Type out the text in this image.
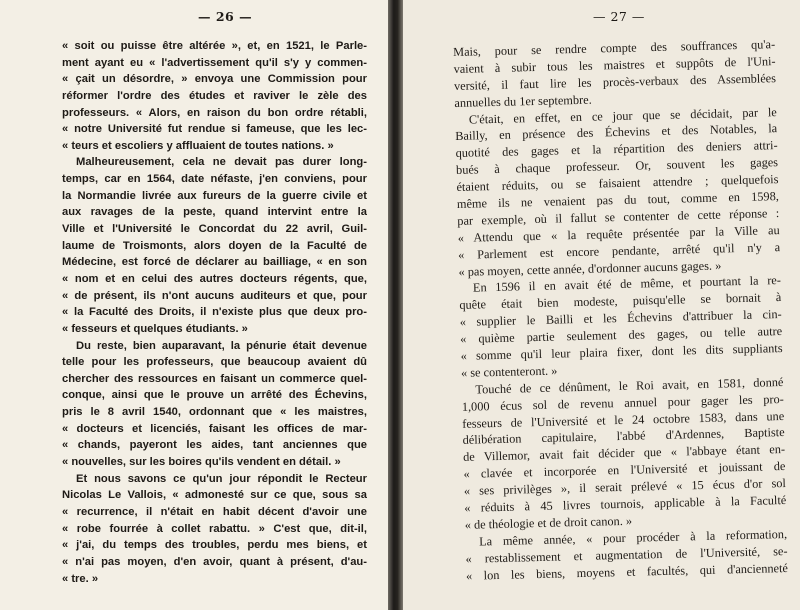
— 26 —
« soit ou puisse être altérée », et, en 1521, le Parle-
ment ayant eu « l'advertissement qu'il s'y y commen-
« çait un désordre, » envoya une Commission pour
réformer l'ordre des études et raviver le zèle des
professeurs. « Alors, en raison du bon ordre rétabli,
« notre Université fut rendue si fameuse, que les lec-
« teurs et escoliers y affluaient de toutes nations. »
Malheureusement, cela ne devait pas durer long-
temps, car en 1564, date néfaste, j'en conviens, pour
la Normandie livrée aux fureurs de la guerre civile et
aux ravages de la peste, quand intervint entre la
Ville et l'Université le Concordat du 22 avril, Guil-
laume de Troismonts, alors doyen de la Faculté de
Médecine, est forcé de déclarer au bailliage, « en son
« nom et en celui des autres docteurs régents, que,
« de présent, ils n'ont aucuns auditeurs et que, pour
« la Faculté des Droits, il n'existe plus que deux pro-
« fesseurs et quelques étudiants. »
Du reste, bien auparavant, la pénurie était devenue
telle pour les professeurs, que beaucoup avaient dû
chercher des ressources en faisant un commerce quel-
conque, ainsi que le prouve un arrêté des Échevins,
pris le 8 avril 1540, ordonnant que « les maistres,
« docteurs et licenciés, faisant les offices de mar-
« chands, payeront les aides, tant anciennes que
« nouvelles, sur les boires qu'ils vendent en détail. »
Et nous savons ce qu'un jour répondit le Recteur
Nicolas Le Vallois, « admonesté sur ce que, sous sa
« recurrence, il n'était en habit décent d'avoir une
« robe fourrée à collet rabattu. » C'est que, dit-il,
« j'ai, du temps des troubles, perdu mes biens, et
« n'ai pas moyen, d'en avoir, quant à présent, d'au-
« tre. »
— 27 —
Mais, pour se rendre compte des souffrances qu'a-
vaient à subir tous les maistres et suppôts de l'Uni-
versité, il faut lire les procès-verbaux des Assemblées
annuelles du 1er septembre.
C'était, en effet, en ce jour que se décidait, par le
Bailly, en présence des Échevins et des Notables, la
quotité des gages et la répartition des deniers attri-
bués à chaque professeur. Or, souvent les gages
étaient réduits, ou se faisaient attendre ; quelquefois
même ils ne venaient pas du tout, comme en 1598,
par exemple, où il fallut se contenter de cette réponse :
« Attendu que « la requête présentée par la Ville au
« Parlement est encore pendante, arrêté qu'il n'y a
« pas moyen, cette année, d'ordonner aucuns gages. »
En 1596 il en avait été de même, et pourtant la re-
quête était bien modeste, puisqu'elle se bornait à
« supplier le Bailli et les Échevins d'attribuer la cin-
« quième partie seulement des gages, ou telle autre
« somme qu'il leur plaira fixer, dont les dits suppliants
« se contenteront. »
Touché de ce dénûment, le Roi avait, en 1581, donné
1,000 écus sol de revenu annuel pour gager les pro-
fesseurs de l'Université et le 24 octobre 1583, dans une
délibération capitulaire, l'abbé d'Ardennes, Baptiste
de Villemor, avait fait décider que « l'abbaye étant en-
« clavée et incorporée en l'Université et jouissant de
« ses privilèges », il serait prélevé « 15 écus d'or sol
« réduits à 45 livres tournois, applicable à la Faculté
« de théologie et de droit canon. »
La même année, « pour procéder à la reformation,
« restablissement et augmentation de l'Université, se-
« lon les biens, moyens et facultés, qui d'ancienneté
